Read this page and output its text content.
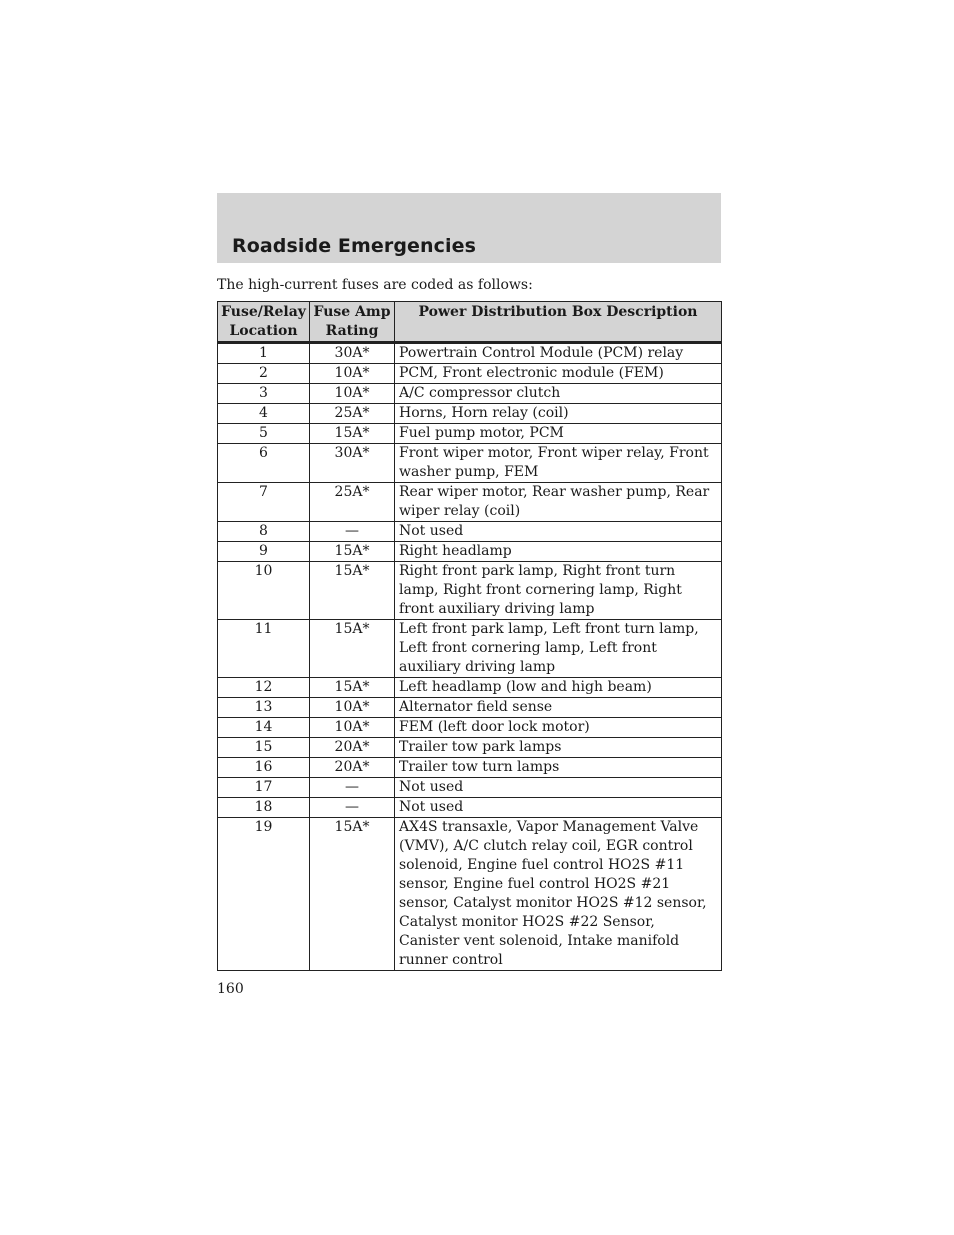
Roadside Emergencies

The high-current fuses are coded as follows:

Fuse/Relay Location	Fuse Amp Rating	Power Distribution Box Description
1	30A*	Powertrain Control Module (PCM) relay
2	10A*	PCM, Front electronic module (FEM)
3	10A*	A/C compressor clutch
4	25A*	Horns, Horn relay (coil)
5	15A*	Fuel pump motor, PCM
6	30A*	Front wiper motor, Front wiper relay, Front washer pump, FEM
7	25A*	Rear wiper motor, Rear washer pump, Rear wiper relay (coil)
8	—	Not used
9	15A*	Right headlamp
10	15A*	Right front park lamp, Right front turn lamp, Right front cornering lamp, Right front auxiliary driving lamp
11	15A*	Left front park lamp, Left front turn lamp, Left front cornering lamp, Left front auxiliary driving lamp
12	15A*	Left headlamp (low and high beam)
13	10A*	Alternator field sense
14	10A*	FEM (left door lock motor)
15	20A*	Trailer tow park lamps
16	20A*	Trailer tow turn lamps
17	—	Not used
18	—	Not used
19	15A*	AX4S transaxle, Vapor Management Valve (VMV), A/C clutch relay coil, EGR control solenoid, Engine fuel control HO2S #11 sensor, Engine fuel control HO2S #21 sensor, Catalyst monitor HO2S #12 sensor, Catalyst monitor HO2S #22 Sensor, Canister vent solenoid, Intake manifold runner control

160
